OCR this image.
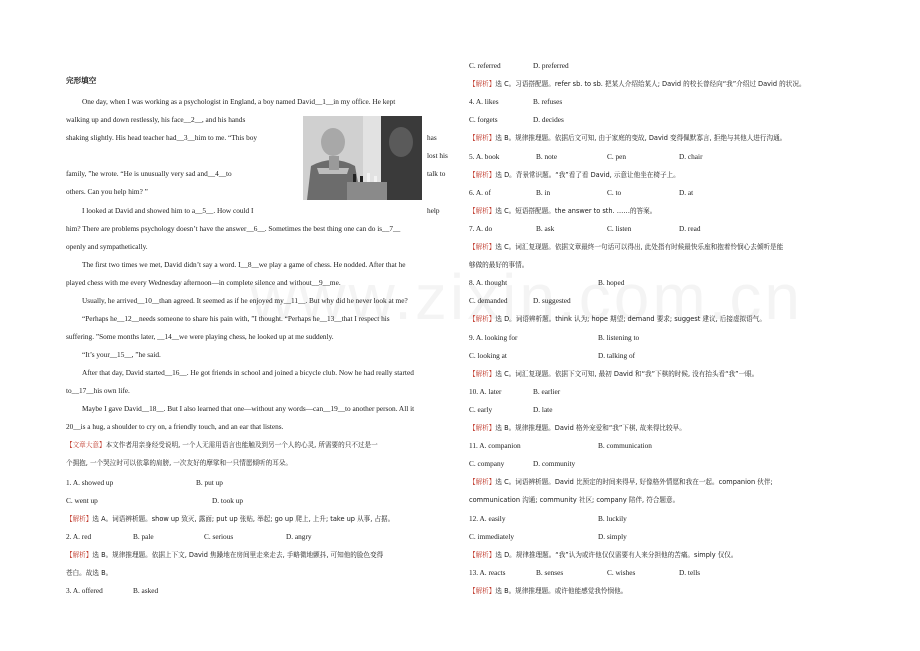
完形填空
One day, when I was working as a psychologist in England, a boy named David__1__in my office. He kept
walking up and down restlessly, his face__2__, and his hands
shaking slightly. His head teacher had__3__him to me. “This boy
family, ”he wrote. “He is unusually very sad and__4__to
others. Can you help him? ”
I looked at David and showed him to a__5__. How could I
him? There are problems psychology doesn’t have the answer__6__. Sometimes the best thing one can do is__7__
openly and sympathetically.
The first two times we met, David didn’t say a word. I__8__we play a game of chess. He nodded. After that he
played chess with me every Wednesday afternoon—in complete silence and without__9__me.
Usually, he arrived__10__than agreed. It seemed as if he enjoyed my__11__. But why did he never look at me?
“Perhaps he__12__needs someone to share his pain with, ”I thought. “Perhaps he__13__that I respect his
suffering. ”Some months later, __14__we were playing chess, he looked up at me suddenly.
“It’s your__15__, ”he said.
After that day, David started__16__. He got friends in school and joined a bicycle club. Now he had really started
to__17__his own life.
Maybe I gave David__18__. But I also learned that one—without any words—can__19__to another person. All it
20__is a hug, a shoulder to cry on, a friendly touch, and an ear that listens.
has
lost his
talk to
help
【文章大意】本文作者用亲身经受说明, 一个人无需用语言也能触及到另一个人的心灵, 所需要的只不过是一
个拥抱, 一个哭泣时可以依靠的肩膀, 一次友好的摩挲和一只情愿倾听的耳朵。
1. A. showed up	B. put up
C. went up	D. took up
【解析】选 A。词语辨析题。show up 致灭, 露面; put up 张贴, 举起; go up 爬上, 上升; take up 从事, 占据。
2. A. red	B. pale	C. serious	D. angry
【解析】选 B。规律推理题。依据上下文, David 焦躁地在房间里走来走去, 手略微地颤抖, 可知他的脸色变得
苍白。故选 B。
3. A. offered	B. asked
C. referred	D. preferred
【解析】选 C。习语搭配题。refer sb. to sb. 把某人介绍给某人; David 的校长曾经向“我”介绍过 David 的状况。
4. A. likes	B. refuses
C. forgets	D. decides
【解析】选 B。规律推理题。依据后文可知, 由于家庭的变故, David 变得佩默寡言, 拒绝与其他人进行沟通。
5. A. book	B. note	C. pen	D. chair
【解析】选 D。背景常识题。“我”看了看 David, 示意让他坐在椅子上。
6. A. of	B. in	C. to	D. at
【解析】选 C。短语搭配题。the answer to sth. ……的答案。
7. A. do	B. ask	C. listen	D. read
【解析】选 C。词汇复现题。依据文章最终一句话可以得出, 此处指有时候最快乐座和抱着怜悯心去倾听是能
够做的最好的事情。
8. A. thought	B. hoped
C. demanded	D. suggested
【解析】选 D。词语辨析题。think 认为; hope 期望; demand 要求; suggest 建议, 后接虚拟语气。
9. A. looking for	B. listening to
C. looking at	D. talking of
【解析】选 C。词汇复现题。依据下文可知, 最初 David 和“我”下棋的时候, 没有抬头看“我”一眼。
10. A. later	B. earlier
C. early	D. late
【解析】选 B。规律推理题。David 格外宠爱和“我”下棋, 故来得比较早。
11. A. companion	B. communication
C. company	D. community
【解析】选 C。词语辨析题。David 比预定的时间来得早, 好像格外情愿和我在一起。companion 伙伴;
communication 沟通; community 社区; company 陪伴, 符合题意。
12. A. easily	B. luckily
C. immediately	D. simply
【解析】选 D。规律推理题。“我”认为或许他仅仅需要有人来分担他的苦痛。simply 仅仅。
13. A. reacts	B. senses	C. wishes	D. tells
【解析】选 B。规律推理题。或许他能感觉我怜悯他。
